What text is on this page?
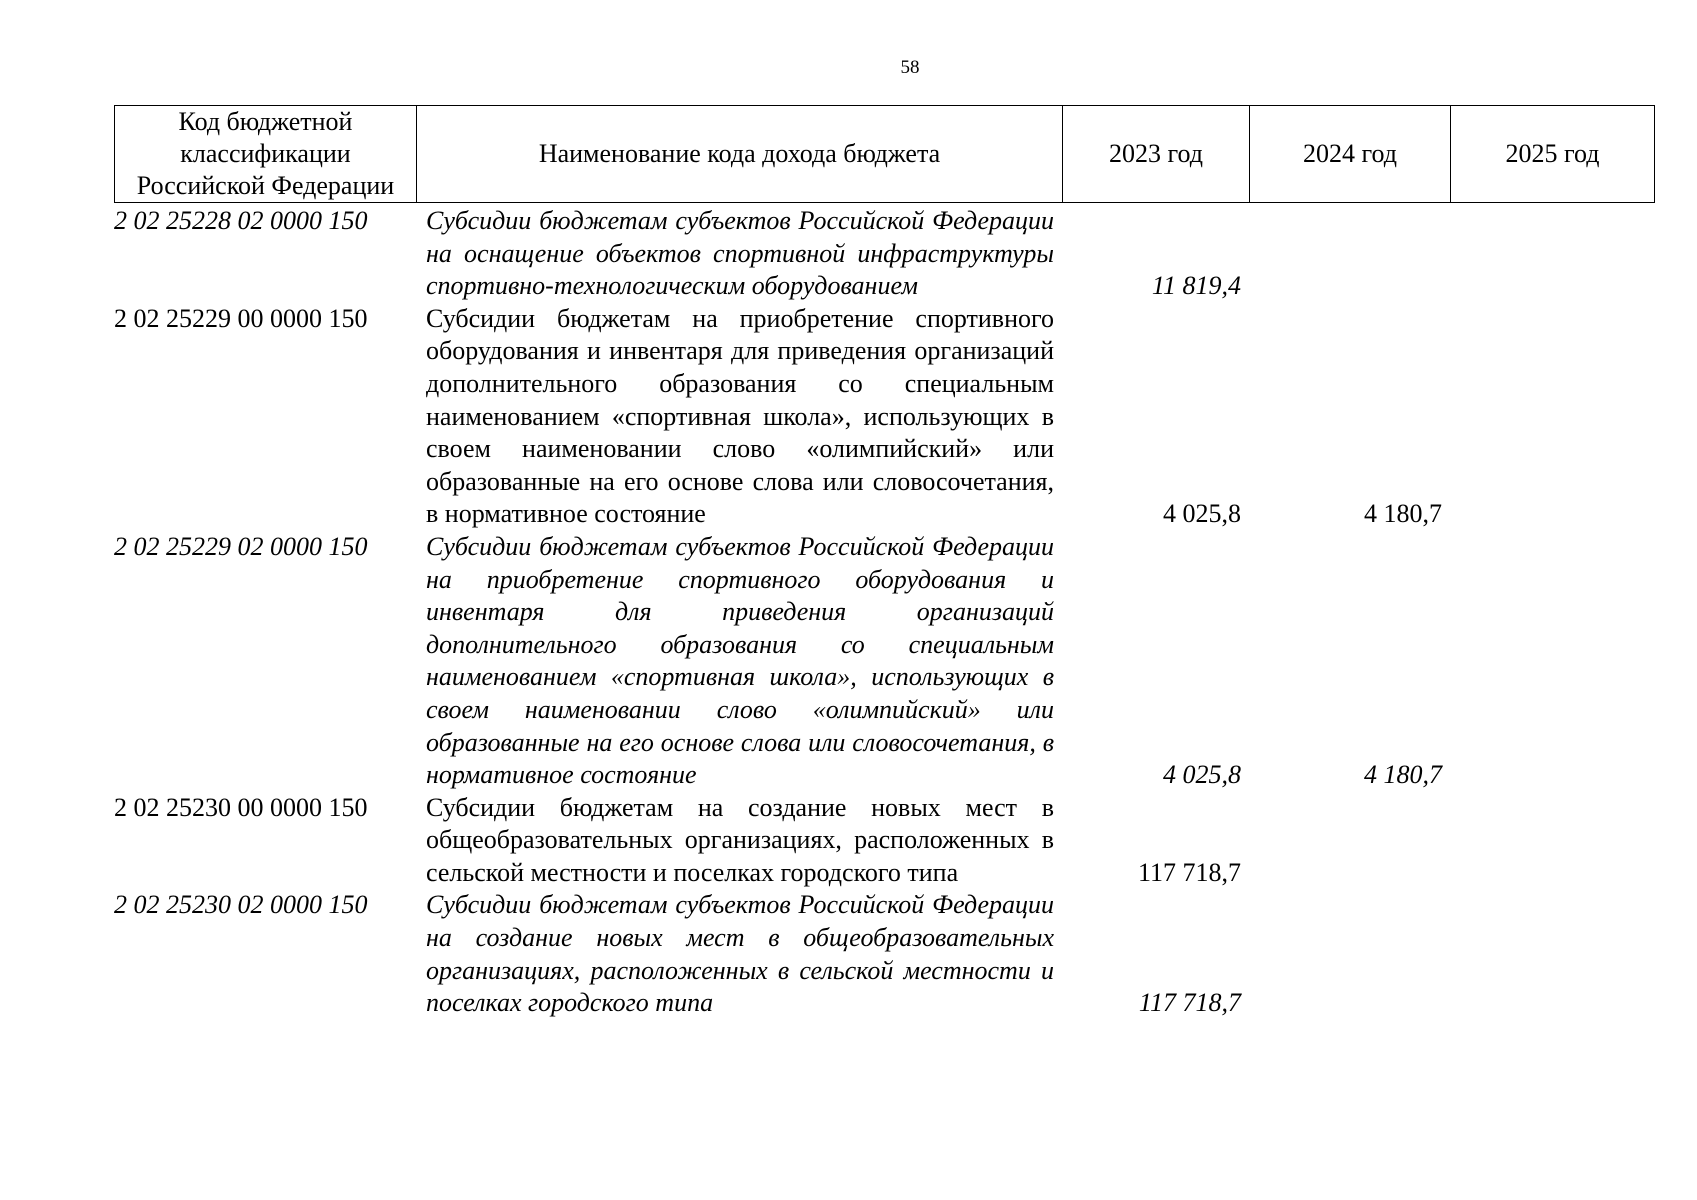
58
Код бюджетной классификации Российской Федерации	Наименование кода дохода бюджета	2023 год	2024 год	2025 год
2 02 25228 02 0000 150	Субсидии бюджетам субъектов Российской Федерации на оснащение объектов спортивной инфраструктуры спортивно-технологическим оборудованием	11 819,4		
2 02 25229 00 0000 150	Субсидии бюджетам на приобретение спортивного оборудования и инвентаря для приведения организаций дополнительного образования со специальным наименованием «спортивная школа», использующих в своем наименовании слово «олимпийский» или образованные на его основе слова или словосочетания, в нормативное состояние	4 025,8	4 180,7	
2 02 25229 02 0000 150	Субсидии бюджетам субъектов Российской Федерации на приобретение спортивного оборудования и инвентаря для приведения организаций дополнительного образования со специальным наименованием «спортивная школа», использующих в своем наименовании слово «олимпийский» или образованные на его основе слова или словосочетания, в нормативное состояние	4 025,8	4 180,7	
2 02 25230 00 0000 150	Субсидии бюджетам на создание новых мест в общеобразовательных организациях, расположенных в сельской местности и поселках городского типа	117 718,7		
2 02 25230 02 0000 150	Субсидии бюджетам субъектов Российской Федерации на создание новых мест в общеобразовательных организациях, расположенных в сельской местности и поселках городского типа	117 718,7		
